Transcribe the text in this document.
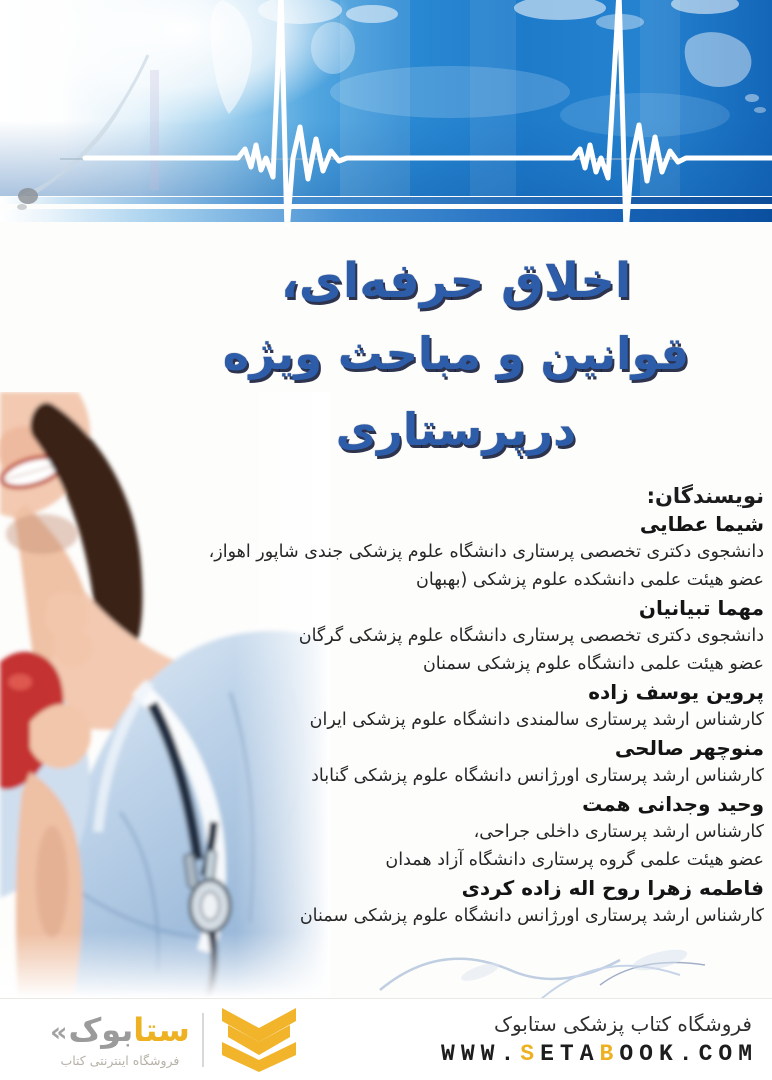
اخلاق حرفه‌ای،
قوانین و مباحث ویژه درپرستاری
نویسندگان:
شیما عطایی
دانشجوی دکتری تخصصی پرستاری دانشگاه علوم پزشکی جندی شاپور اهواز،
عضو هیئت علمی دانشکده علوم پزشکی (بهبهان
مهما تبیانیان
دانشجوی دکتری تخصصی پرستاری دانشگاه علوم پزشکی گرگان
عضو هیئت علمی دانشگاه علوم پزشکی سمنان
پروین یوسف زاده
کارشناس ارشد پرستاری سالمندی دانشگاه علوم پزشکی ایران
منوچهر صالحی
کارشناس ارشد پرستاری اورژانس دانشگاه علوم پزشکی گناباد
وحید وجدانی همت
کارشناس ارشد پرستاری داخلی جراحی،
عضو هیئت علمی گروه پرستاری دانشگاه آزاد همدان
فاطمه زهرا روح اله زاده کردی
کارشناس ارشد پرستاری اورژانس دانشگاه علوم پزشکی سمنان
« بوک ستا
فروشگاه اینترنتی کتاب
فروشگاه کتاب پزشکی ستابوک
WWW.SETABOOK.COM
